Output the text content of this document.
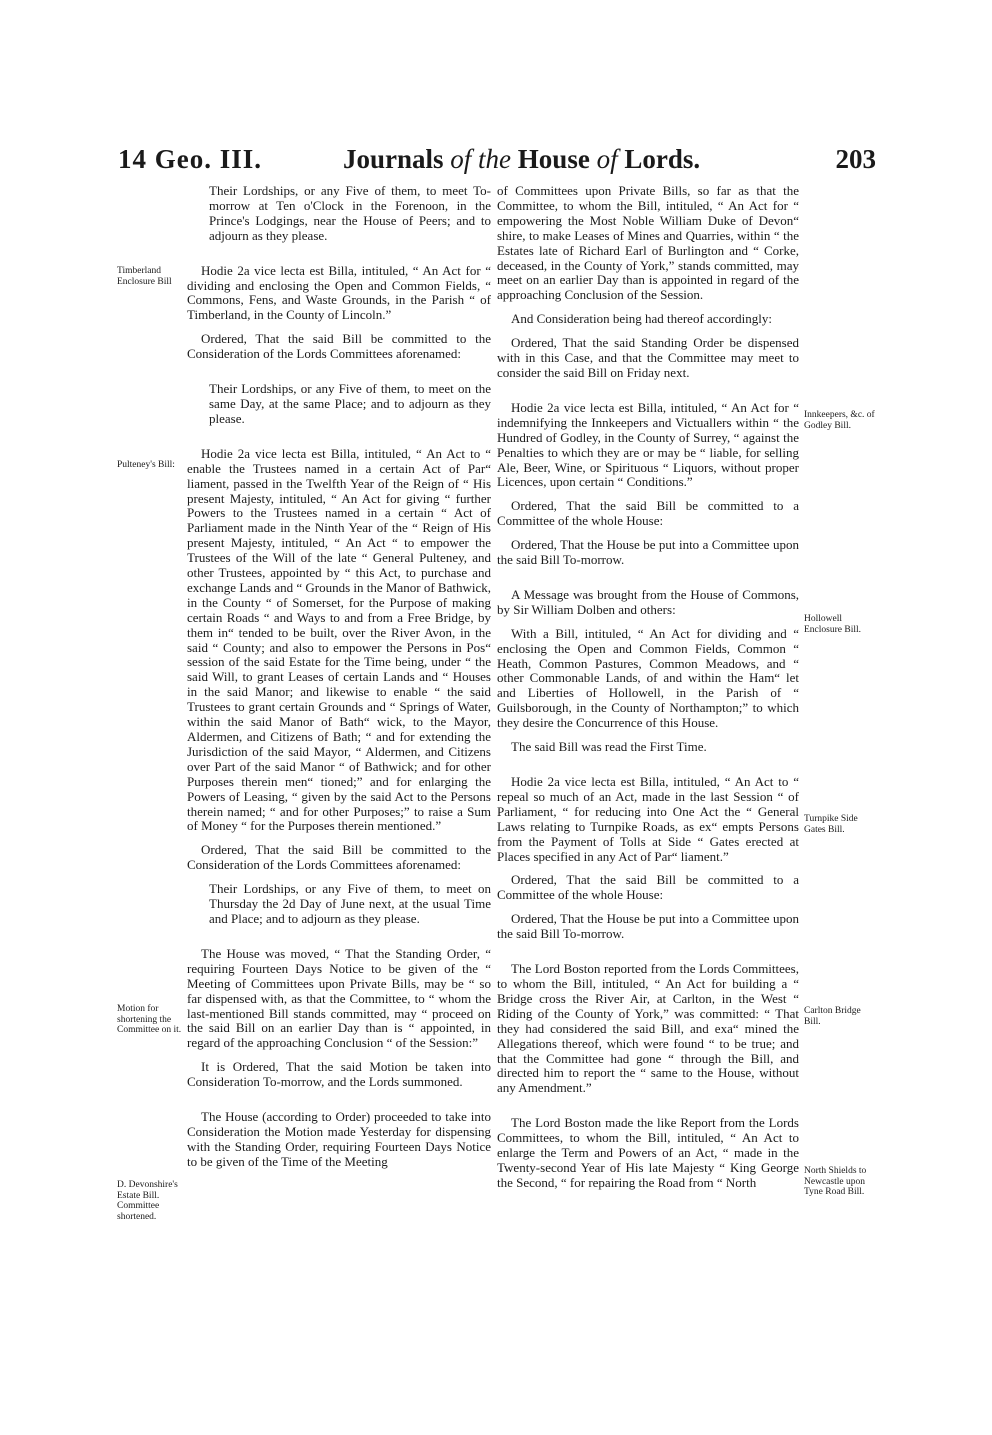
14 Geo. III.	Journals of the House of Lords.	203
Timberland Enclosure Bill
Pulteney's Bill:
Motion for shortening the Committee on it.
D. Devonshire's Estate Bill. Committee shortened.
Innkeepers, &c. of Godley Bill.
Hollowell Enclosure Bill.
Turnpike Side Gates Bill.
Carlton Bridge Bill.
North Shields to Newcastle upon Tyne Road Bill.

Their Lordships, or any Five of them, to meet To-morrow at Ten o'Clock in the Forenoon, in the Prince's Lodgings, near the House of Peers; and to adjourn as they please.

Hodie 2a vice lecta est Billa, intituled, “ An Act for “ dividing and enclosing the Open and Common Fields, “ Commons, Fens, and Waste Grounds, in the Parish “ of Timberland, in the County of Lincoln.”

Ordered, That the said Bill be committed to the Consideration of the Lords Committees aforenamed:

Their Lordships, or any Five of them, to meet on the same Day, at the same Place; and to adjourn as they please.

Hodie 2a vice lecta est Billa, intituled, “ An Act to “ enable the Trustees named in a certain Act of Par“ liament, passed in the Twelfth Year of the Reign of “ His present Majesty, intituled, “ An Act for giving “ further Powers to the Trustees named in a certain “ Act of Parliament made in the Ninth Year of the “ Reign of His present Majesty, intituled, “ An Act “ to empower the Trustees of the Will of the late “ General Pulteney, and other Trustees, appointed by “ this Act, to purchase and exchange Lands and “ Grounds in the Manor of Bathwick, in the County “ of Somerset, for the Purpose of making certain Roads “ and Ways to and from a Free Bridge, by them in“ tended to be built, over the River Avon, in the said “ County; and also to empower the Persons in Pos“ session of the said Estate for the Time being, under “ the said Will, to grant Leases of certain Lands and “ Houses in the said Manor; and likewise to enable “ the said Trustees to grant certain Grounds and “ Springs of Water, within the said Manor of Bath“ wick, to the Mayor, Aldermen, and Citizens of Bath; “ and for extending the Jurisdiction of the said Mayor, “ Aldermen, and Citizens over Part of the said Manor “ of Bathwick; and for other Purposes therein men“ tioned;” and for enlarging the Powers of Leasing, “ given by the said Act to the Persons therein named; “ and for other Purposes;” to raise a Sum of Money “ for the Purposes therein mentioned.”

Ordered, That the said Bill be committed to the Consideration of the Lords Committees aforenamed:

Their Lordships, or any Five of them, to meet on Thursday the 2d Day of June next, at the usual Time and Place; and to adjourn as they please.

The House was moved, “ That the Standing Order, “ requiring Fourteen Days Notice to be given of the “ Meeting of Committees upon Private Bills, may be “ so far dispensed with, as that the Committee, to “ whom the last-mentioned Bill stands committed, may “ proceed on the said Bill on an earlier Day than is “ appointed, in regard of the approaching Conclusion “ of the Session:”

It is Ordered, That the said Motion be taken into Consideration To-morrow, and the Lords summoned.

The House (according to Order) proceeded to take into Consideration the Motion made Yesterday for dispensing with the Standing Order, requiring Fourteen Days Notice to be given of the Time of the Meeting

of Committees upon Private Bills, so far as that the Committee, to whom the Bill, intituled, “ An Act for “ empowering the Most Noble William Duke of Devon“ shire, to make Leases of Mines and Quarries, within “ the Estates late of Richard Earl of Burlington and “ Corke, deceased, in the County of York,” stands committed, may meet on an earlier Day than is appointed in regard of the approaching Conclusion of the Session.

And Consideration being had thereof accordingly:

Ordered, That the said Standing Order be dispensed with in this Case, and that the Committee may meet to consider the said Bill on Friday next.

Hodie 2a vice lecta est Billa, intituled, “ An Act for “ indemnifying the Innkeepers and Victuallers within “ the Hundred of Godley, in the County of Surrey, “ against the Penalties to which they are or may be “ liable, for selling Ale, Beer, Wine, or Spirituous “ Liquors, without proper Licences, upon certain “ Conditions.”

Ordered, That the said Bill be committed to a Committee of the whole House:

Ordered, That the House be put into a Committee upon the said Bill To-morrow.

A Message was brought from the House of Commons, by Sir William Dolben and others:

With a Bill, intituled, “ An Act for dividing and “ enclosing the Open and Common Fields, Common “ Heath, Common Pastures, Common Meadows, and “ other Commonable Lands, of and within the Ham“ let and Liberties of Hollowell, in the Parish of “ Guilsborough, in the County of Northampton;” to which they desire the Concurrence of this House.

The said Bill was read the First Time.

Hodie 2a vice lecta est Billa, intituled, “ An Act to “ repeal so much of an Act, made in the last Session “ of Parliament, “ for reducing into One Act the “ General Laws relating to Turnpike Roads, as ex“ empts Persons from the Payment of Tolls at Side “ Gates erected at Places specified in any Act of Par“ liament.”

Ordered, That the said Bill be committed to a Committee of the whole House:

Ordered, That the House be put into a Committee upon the said Bill To-morrow.

The Lord Boston reported from the Lords Committees, to whom the Bill, intituled, “ An Act for building a “ Bridge cross the River Air, at Carlton, in the West “ Riding of the County of York,” was committed: “ That they had considered the said Bill, and exa“ mined the Allegations thereof, which were found “ to be true; and that the Committee had gone “ through the Bill, and directed him to report the “ same to the House, without any Amendment.”

The Lord Boston made the like Report from the Lords Committees, to whom the Bill, intituled, “ An Act to enlarge the Term and Powers of an Act, “ made in the Twenty-second Year of His late Majesty “ King George the Second, “ for repairing the Road from “ North
